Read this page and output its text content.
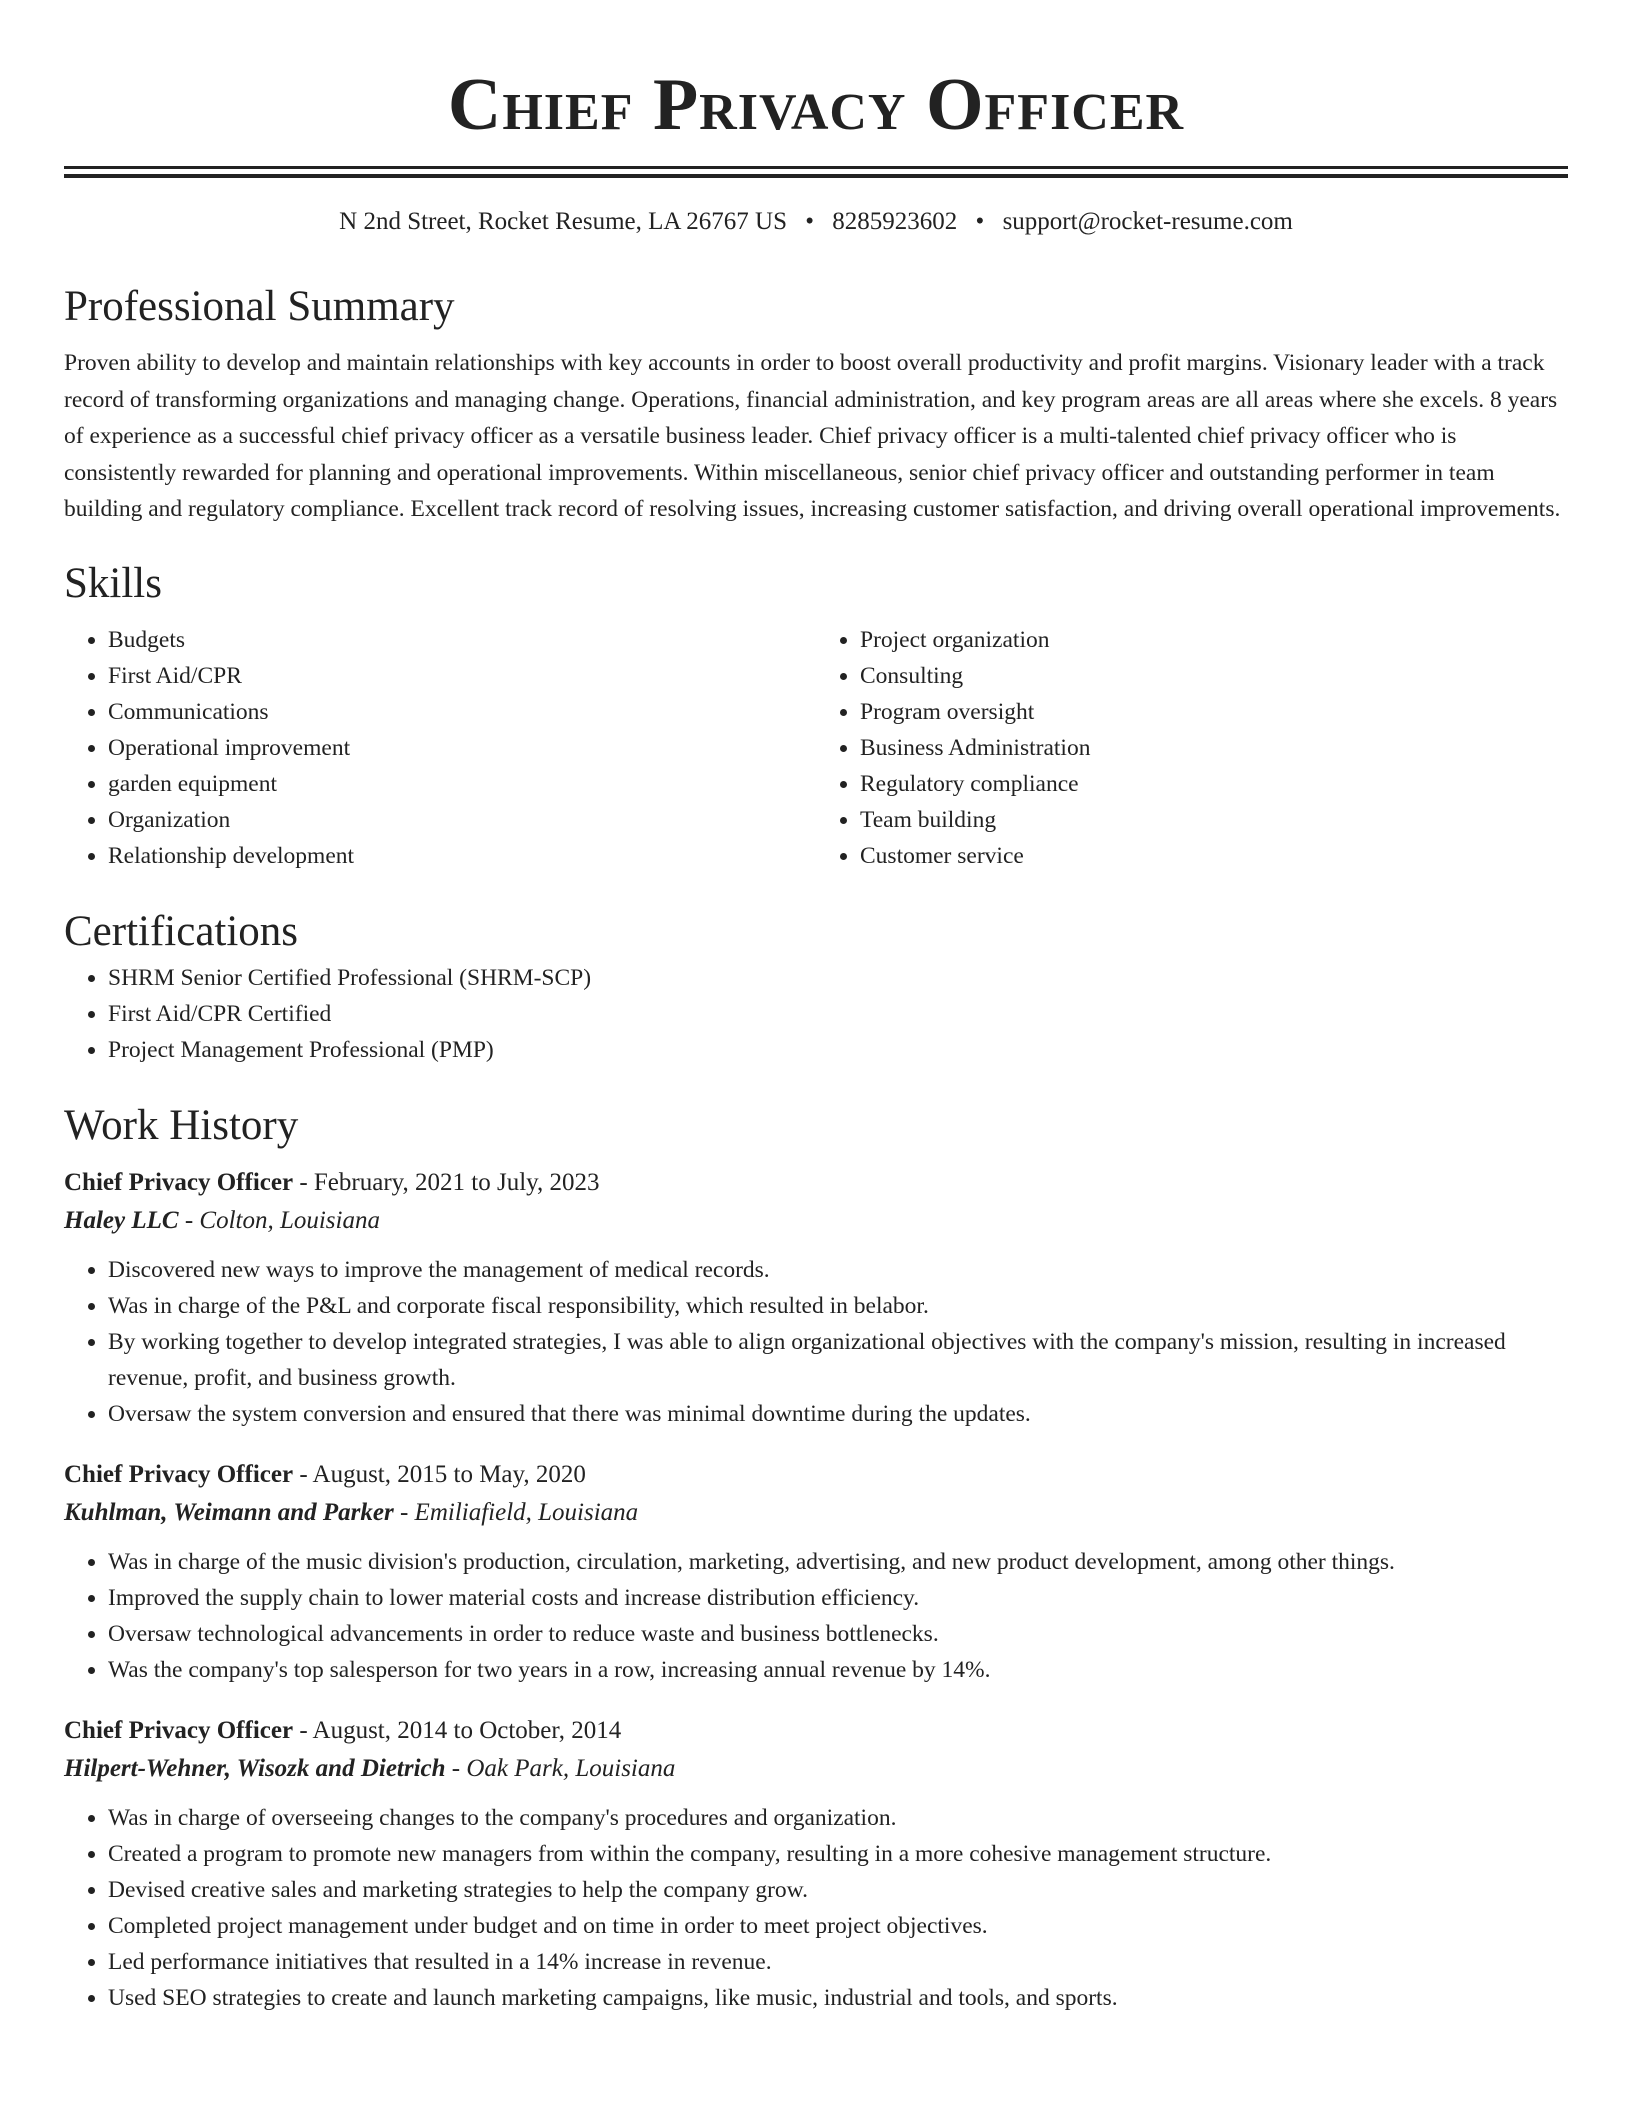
Chief Privacy Officer
N 2nd Street, Rocket Resume, LA 26767 US • 8285923602 • support@rocket-resume.com
Professional Summary

Proven ability to develop and maintain relationships with key accounts in order to boost overall productivity and profit margins. Visionary leader with a track record of transforming organizations and managing change. Operations, financial administration, and key program areas are all areas where she excels. 8 years of experience as a successful chief privacy officer as a versatile business leader. Chief privacy officer is a multi-talented chief privacy officer who is consistently rewarded for planning and operational improvements. Within miscellaneous, senior chief privacy officer and outstanding performer in team building and regulatory compliance. Excellent track record of resolving issues, increasing customer satisfaction, and driving overall operational improvements.

Skills
• Budgets
• First Aid/CPR
• Communications
• Operational improvement
• garden equipment
• Organization
• Relationship development
• Project organization
• Consulting
• Program oversight
• Business Administration
• Regulatory compliance
• Team building
• Customer service
Certifications
• SHRM Senior Certified Professional (SHRM-SCP)
• First Aid/CPR Certified
• Project Management Professional (PMP)
Work History
Chief Privacy Officer - February, 2021 to July, 2023
Haley LLC - Colton, Louisiana
• Discovered new ways to improve the management of medical records.
• Was in charge of the P&L and corporate fiscal responsibility, which resulted in belabor.
• By working together to develop integrated strategies, I was able to align organizational objectives with the company's mission, resulting in increased revenue, profit, and business growth.
• Oversaw the system conversion and ensured that there was minimal downtime during the updates.
Chief Privacy Officer - August, 2015 to May, 2020
Kuhlman, Weimann and Parker - Emiliafield, Louisiana
• Was in charge of the music division's production, circulation, marketing, advertising, and new product development, among other things.
• Improved the supply chain to lower material costs and increase distribution efficiency.
• Oversaw technological advancements in order to reduce waste and business bottlenecks.
• Was the company's top salesperson for two years in a row, increasing annual revenue by 14%.
Chief Privacy Officer - August, 2014 to October, 2014
Hilpert-Wehner, Wisozk and Dietrich - Oak Park, Louisiana
• Was in charge of overseeing changes to the company's procedures and organization.
• Created a program to promote new managers from within the company, resulting in a more cohesive management structure.
• Devised creative sales and marketing strategies to help the company grow.
• Completed project management under budget and on time in order to meet project objectives.
• Led performance initiatives that resulted in a 14% increase in revenue.
• Used SEO strategies to create and launch marketing campaigns, like music, industrial and tools, and sports.
